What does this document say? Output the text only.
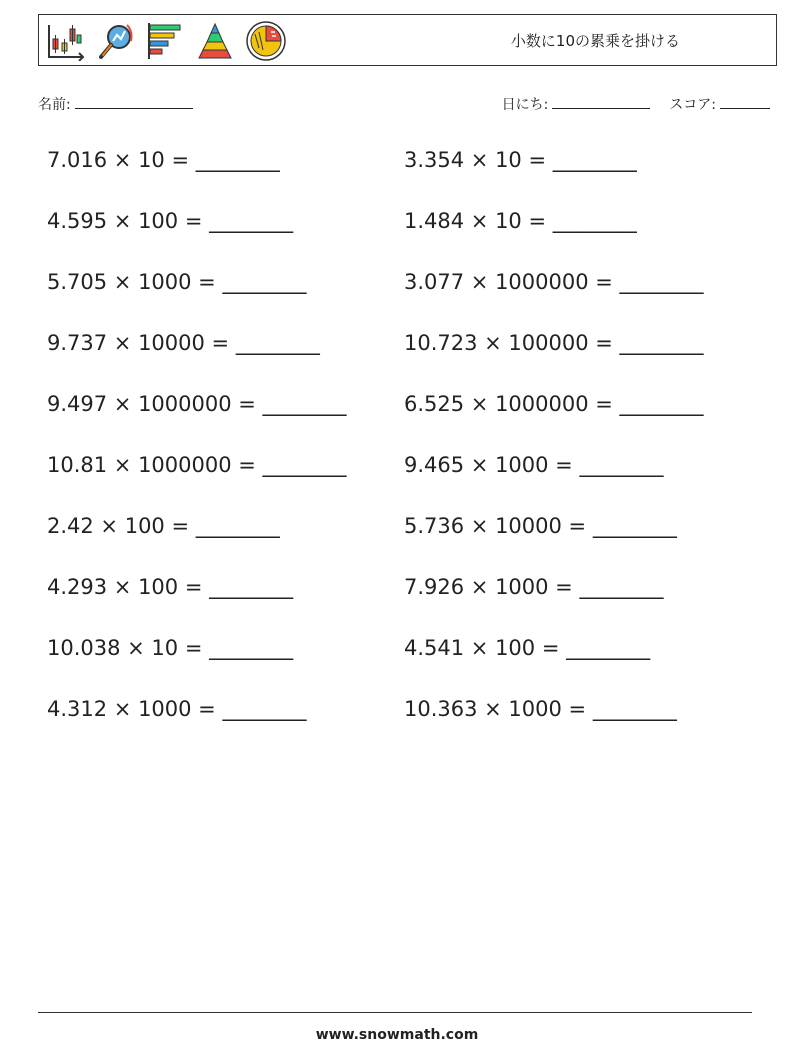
小数に10の累乗を掛ける
名前:	日にち:	スコア:
7.016 × 10 = ________	3.354 × 10 = ________
4.595 × 100 = ________	1.484 × 10 = ________
5.705 × 1000 = ________	3.077 × 1000000 = ________
9.737 × 10000 = ________	10.723 × 100000 = ________
9.497 × 1000000 = ________	6.525 × 1000000 = ________
10.81 × 1000000 = ________	9.465 × 1000 = ________
2.42 × 100 = ________	5.736 × 10000 = ________
4.293 × 100 = ________	7.926 × 1000 = ________
10.038 × 10 = ________	4.541 × 100 = ________
4.312 × 1000 = ________	10.363 × 1000 = ________
www.snowmath.com
